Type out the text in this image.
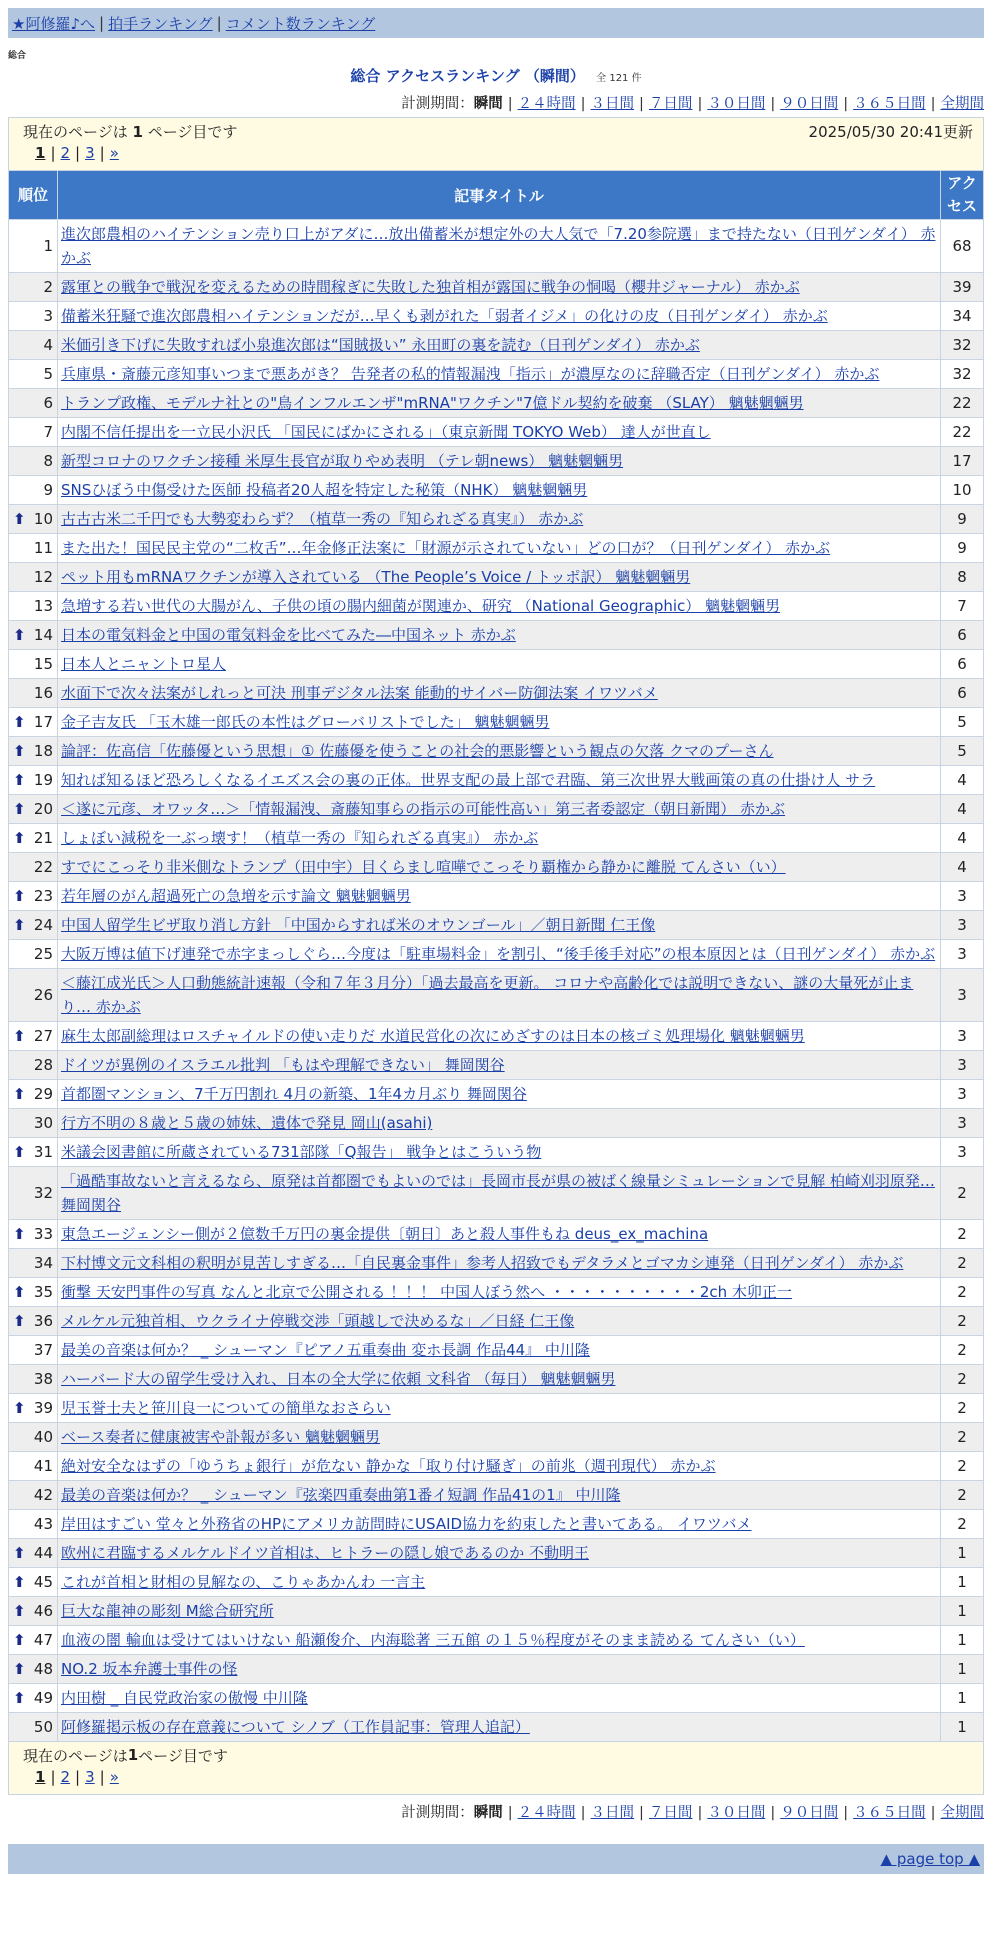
★阿修羅♪へ | 拍手ランキング | コメント数ランキング
総合
総合 アクセスランキング （瞬間） 全 121 件
計測期間：瞬間 | ２４時間 | ３日間 | ７日間 | ３０日間 | ９０日間 | ３６５日間 | 全期間
現在のページは 1 ページ目です	2025/05/30 20:41更新
1 | 2 | 3 | »
順位	記事タイトル	アクセス
1	進次郎農相のハイテンション売り口上がアダに…放出備蓄米が想定外の大人気で「7.20参院選」まで持たない（日刊ゲンダイ） 赤かぶ	68
2	露軍との戦争で戦況を変えるための時間稼ぎに失敗した独首相が露国に戦争の恫喝（櫻井ジャーナル） 赤かぶ	39
3	備蓄米狂騒で進次郎農相ハイテンションだが…早くも剥がれた「弱者イジメ」の化けの皮（日刊ゲンダイ） 赤かぶ	34
4	米価引き下げに失敗すれば小泉進次郎は“国賊扱い” 永田町の裏を読む（日刊ゲンダイ） 赤かぶ	32
5	兵庫県・斎藤元彦知事いつまで悪あがき？ 告発者の私的情報漏洩「指示」が濃厚なのに辞職否定（日刊ゲンダイ） 赤かぶ	32
6	トランプ政権、モデルナ社との"鳥インフルエンザ"mRNA"ワクチン"7億ドル契約を破棄 （SLAY） 魑魅魍魎男	22
7	内閣不信任提出を一立民小沢氏 「国民にばかにされる」（東京新聞 TOKYO Web） 達人が世直し	22
8	新型コロナのワクチン接種 米厚生長官が取りやめ表明 （テレ朝news） 魑魅魍魎男	17
9	SNSひぼう中傷受けた医師 投稿者20人超を特定した秘策（NHK） 魑魅魍魎男	10

⬆ 10	古古古米二千円でも大勢変わらず？（植草一秀の『知られざる真実』） 赤かぶ	9
11	また出た！国民民主党の“二枚舌”…年金修正法案に「財源が示されていない」どの口が？（日刊ゲンダイ） 赤かぶ	9
12	ペット用もmRNAワクチンが導入されている （The People’s Voice / トッポ訳） 魑魅魍魎男	8
13	急増する若い世代の大腸がん、子供の頃の腸内細菌が関連か、研究 （National Geographic） 魑魅魍魎男	7

⬆ 14	日本の電気料金と中国の電気料金を比べてみた―中国ネット 赤かぶ	6
15	日本人とニャントロ星人	6
16	水面下で次々法案がしれっと可決 刑事デジタル法案 能動的サイバー防御法案 イワツバメ	6

⬆ 17	金子吉友氏 「玉木雄一郎氏の本性はグローバリストでした」 魑魅魍魎男	5

⬆ 18	論評：佐高信「佐藤優という思想」① 佐藤優を使うことの社会的悪影響という観点の欠落 クマのプーさん	5

⬆ 19	知れば知るほど恐ろしくなるイエズス会の裏の正体。世界支配の最上部で君臨、第三次世界大戦画策の真の仕掛け人 サラ	4

⬆ 20	＜遂に元彦、オワッタ…＞「情報漏洩、斎藤知事らの指示の可能性高い」第三者委認定（朝日新聞） 赤かぶ	4

⬆ 21	しょぼい減税を一ぶっ壊す！（植草一秀の『知られざる真実』） 赤かぶ	4
22	すでにこっそり非米側なトランプ（田中宇）目くらまし喧嘩でこっそり覇権から静かに離脱 てんさい（い）	4

⬆ 23	若年層のがん超過死亡の急増を示す論文 魑魅魍魎男	3

⬆ 24	中国人留学生ビザ取り消し方針 「中国からすれば米のオウンゴール」／朝日新聞 仁王像	3
25	大阪万博は値下げ連発で赤字まっしぐら…今度は「駐車場料金」を割引、“後手後手対応”の根本原因とは（日刊ゲンダイ） 赤かぶ	3
26	＜藤江成光氏＞人口動態統計速報（令和７年３月分）「過去最高を更新。 コロナや高齢化では説明できない、謎の大量死が止まり… 赤かぶ	3

⬆ 27	麻生太郎副総理はロスチャイルドの使い走りだ 水道民営化の次にめざすのは日本の核ゴミ処理場化 魑魅魍魎男	3
28	ドイツが異例のイスラエル批判 「もはや理解できない」 舞岡関谷	3

⬆ 29	首都圏マンション、7千万円割れ 4月の新築、1年4カ月ぶり 舞岡関谷	3
30	行方不明の８歳と５歳の姉妹、遺体で発見 岡山(asahi)	3

⬆ 31	米議会図書館に所蔵されている731部隊「Q報告」 戦争とはこういう物	3
32	「過酷事故ないと言えるなら、原発は首都圏でもよいのでは」長岡市長が県の被ばく線量シミュレーションで見解 柏崎刈羽原発… 舞岡関谷	2

⬆ 33	東急エージェンシー側が２億数千万円の裏金提供〔朝日〕あと殺人事件もね deus_ex_machina	2
34	下村博文元文科相の釈明が見苦しすぎる…「自民裏金事件」参考人招致でもデタラメとゴマカシ連発（日刊ゲンダイ） 赤かぶ	2

⬆ 35	衝撃 天安門事件の写真 なんと北京で公開される ！！！ 中国人ぼう然へ ・・・・・・・・・・2ch 木卯正一	2

⬆ 36	メルケル元独首相、ウクライナ停戦交渉「頭越しで決めるな」／日経 仁王像	2
37	最美の音楽は何か？ _ シューマン『ピアノ五重奏曲 変ホ長調 作品44』 中川隆	2
38	ハーバード大の留学生受け入れ、日本の全大学に依頼 文科省 （毎日） 魑魅魍魎男	2

⬆ 39	児玉誉士夫と笹川良一についての簡単なおさらい	2
40	ベース奏者に健康被害や訃報が多い 魑魅魍魎男	2
41	絶対安全なはずの「ゆうちょ銀行」が危ない 静かな「取り付け騒ぎ」の前兆（週刊現代） 赤かぶ	2
42	最美の音楽は何か？ _ シューマン『弦楽四重奏曲第1番イ短調 作品41の1』 中川隆	2
43	岸田はすごい 堂々と外務省のHPにアメリカ訪問時にUSAID協力を約束したと書いてある。 イワツバメ	2

⬆ 44	欧州に君臨するメルケルドイツ首相は、ヒトラーの隠し娘であるのか 不動明王	1

⬆ 45	これが首相と財相の見解なの、こりゃあかんわ 一言主	1

⬆ 46	巨大な龍神の彫刻 M総合研究所	1

⬆ 47	血液の闇 輸血は受けてはいけない 船瀬俊介、内海聡著 三五館 の１５％程度がそのまま読める てんさい（い）	1

⬆ 48	NO.2 坂本弁護士事件の怪	1

⬆ 49	内田樹 _ 自民党政治家の傲慢 中川隆	1
50	阿修羅掲示板の存在意義について シノブ（工作員記事：管理人追記）	1
現在のページは 1 ページ目です
1 | 2 | 3 | »
計測期間：瞬間 | ２４時間 | ３日間 | ７日間 | ３０日間 | ９０日間 | ３６５日間 | 全期間
▲ page top ▲
